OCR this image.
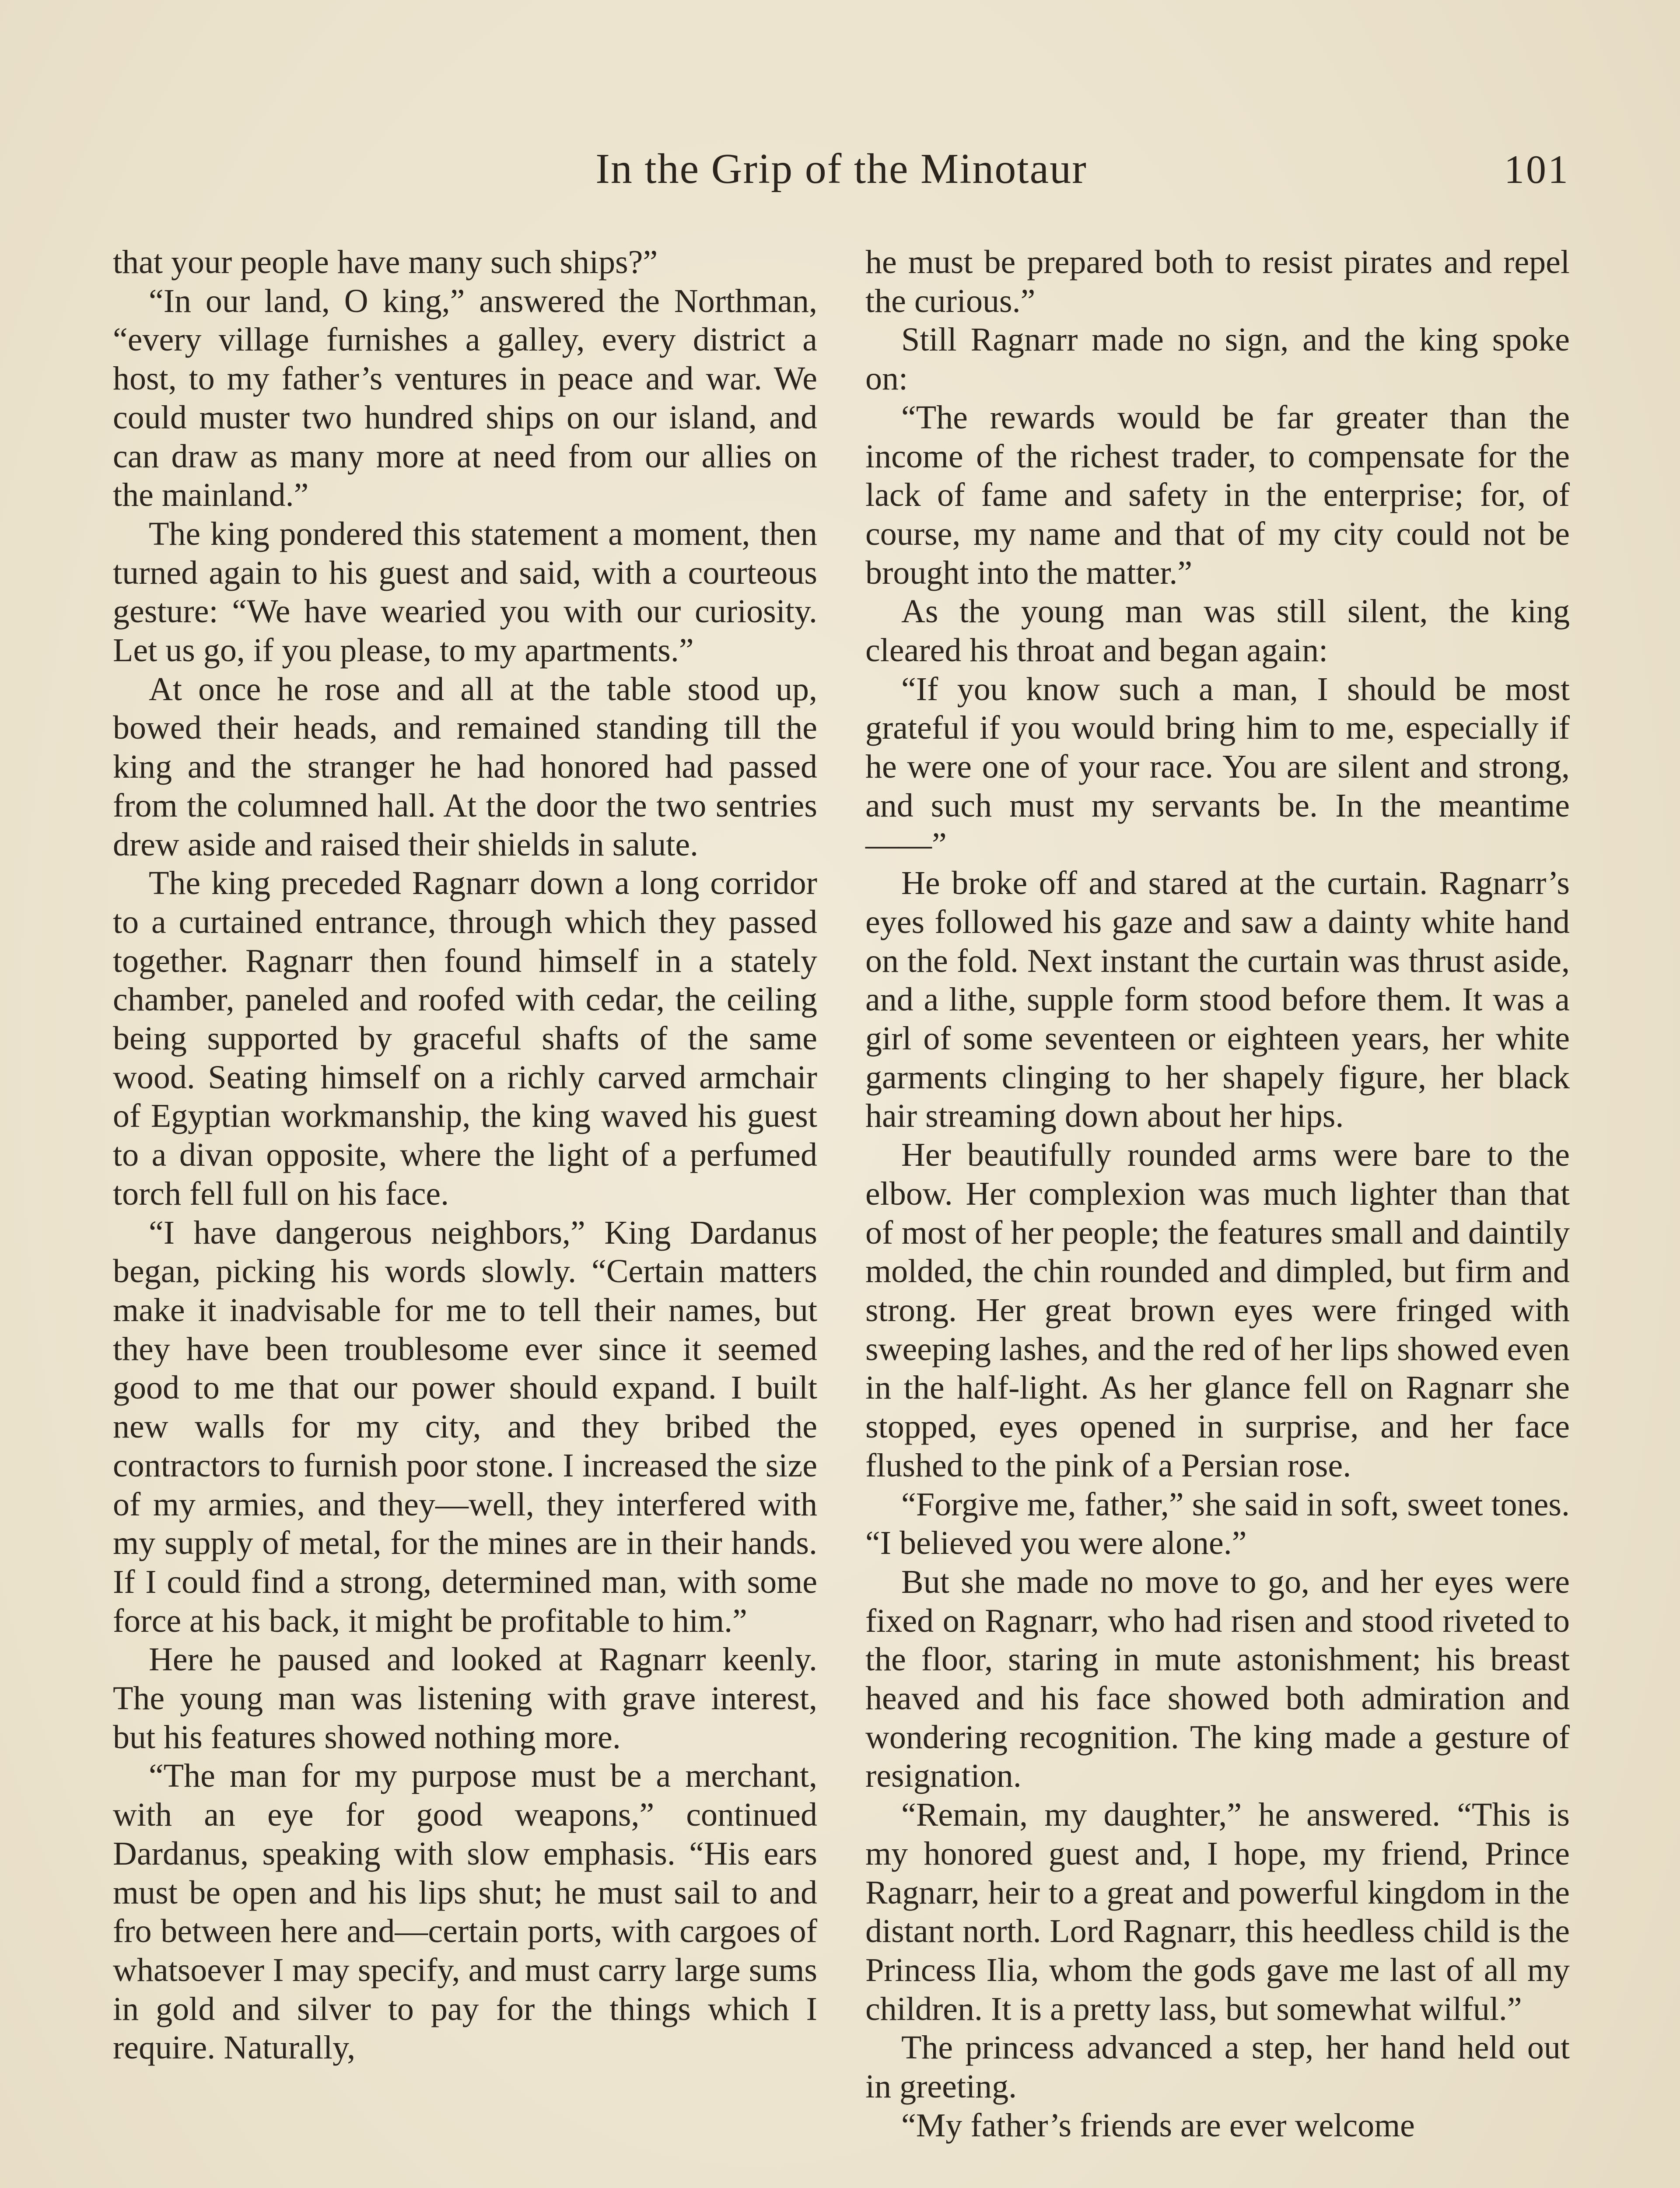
In the Grip of the Minotaur	101

that your people have many such ships?”

“In our land, O king,” answered the Northman, “every village furnishes a galley, every district a host, to my father’s ventures in peace and war. We could muster two hundred ships on our island, and can draw as many more at need from our allies on the mainland.”

The king pondered this statement a moment, then turned again to his guest and said, with a courteous gesture: “We have wearied you with our curiosity. Let us go, if you please, to my apartments.”

At once he rose and all at the table stood up, bowed their heads, and remained standing till the king and the stranger he had honored had passed from the columned hall. At the door the two sentries drew aside and raised their shields in salute.

The king preceded Ragnarr down a long corridor to a curtained entrance, through which they passed together. Ragnarr then found himself in a stately chamber, paneled and roofed with cedar, the ceiling being supported by graceful shafts of the same wood. Seating himself on a richly carved armchair of Egyptian workmanship, the king waved his guest to a divan opposite, where the light of a perfumed torch fell full on his face.

“I have dangerous neighbors,” King Dardanus began, picking his words slowly. “Certain matters make it inadvisable for me to tell their names, but they have been troublesome ever since it seemed good to me that our power should expand. I built new walls for my city, and they bribed the contractors to furnish poor stone. I increased the size of my armies, and they—well, they interfered with my supply of metal, for the mines are in their hands. If I could find a strong, determined man, with some force at his back, it might be profitable to him.”

Here he paused and looked at Ragnarr keenly. The young man was listening with grave interest, but his features showed nothing more.

“The man for my purpose must be a merchant, with an eye for good weapons,” continued Dardanus, speaking with slow emphasis. “His ears must be open and his lips shut; he must sail to and fro between here and—certain ports, with cargoes of whatsoever I may specify, and must carry large sums in gold and silver to pay for the things which I require. Naturally,

he must be prepared both to resist pirates and repel the curious.”

Still Ragnarr made no sign, and the king spoke on:

“The rewards would be far greater than the income of the richest trader, to compensate for the lack of fame and safety in the enterprise; for, of course, my name and that of my city could not be brought into the matter.”

As the young man was still silent, the king cleared his throat and began again:

“If you know such a man, I should be most grateful if you would bring him to me, especially if he were one of your race. You are silent and strong, and such must my servants be. In the meantime——”

He broke off and stared at the curtain. Ragnarr’s eyes followed his gaze and saw a dainty white hand on the fold. Next instant the curtain was thrust aside, and a lithe, supple form stood before them. It was a girl of some seventeen or eighteen years, her white garments clinging to her shapely figure, her black hair streaming down about her hips.

Her beautifully rounded arms were bare to the elbow. Her complexion was much lighter than that of most of her people; the features small and daintily molded, the chin rounded and dimpled, but firm and strong. Her great brown eyes were fringed with sweeping lashes, and the red of her lips showed even in the half-light. As her glance fell on Ragnarr she stopped, eyes opened in surprise, and her face flushed to the pink of a Persian rose.

“Forgive me, father,” she said in soft, sweet tones. “I believed you were alone.”

But she made no move to go, and her eyes were fixed on Ragnarr, who had risen and stood riveted to the floor, staring in mute astonishment; his breast heaved and his face showed both admiration and wondering recognition. The king made a gesture of resignation.

“Remain, my daughter,” he answered. “This is my honored guest and, I hope, my friend, Prince Ragnarr, heir to a great and powerful kingdom in the distant north. Lord Ragnarr, this heedless child is the Princess Ilia, whom the gods gave me last of all my children. It is a pretty lass, but somewhat wilful.”

The princess advanced a step, her hand held out in greeting.

“My father’s friends are ever welcome
